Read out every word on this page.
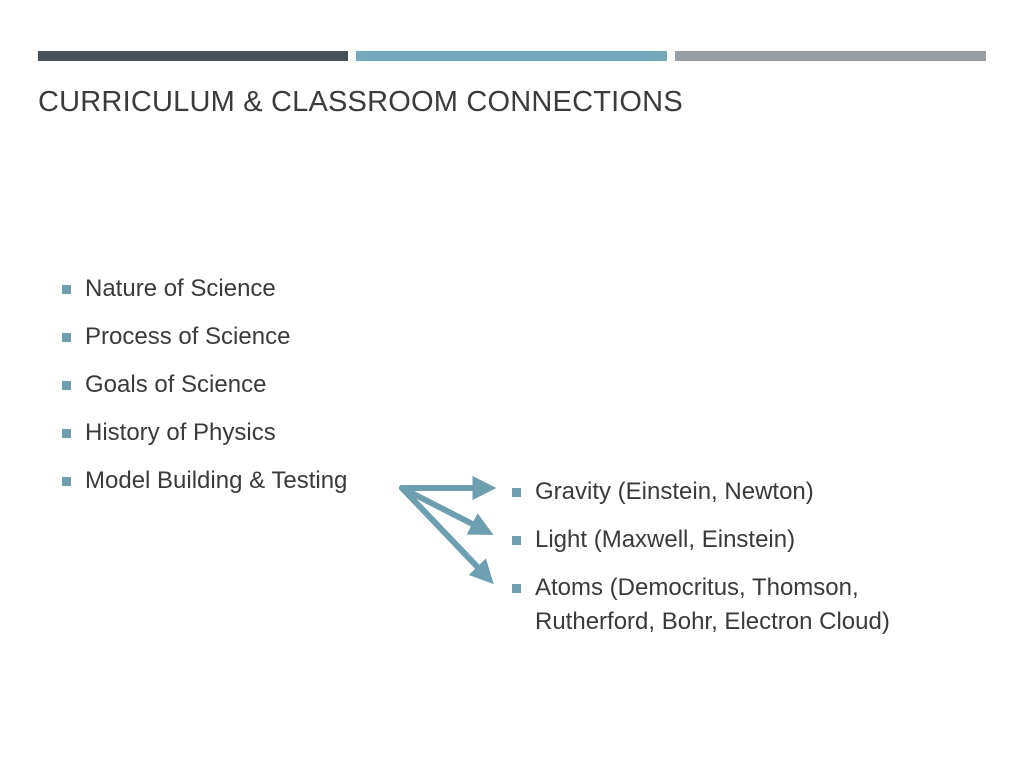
CURRICULUM & CLASSROOM CONNECTIONS
Nature of Science
Process of Science
Goals of Science
History of Physics
Model Building & Testing	Gravity (Einstein, Newton)
Light (Maxwell, Einstein)
Atoms (Democritus, Thomson, Rutherford, Bohr, Electron Cloud)
